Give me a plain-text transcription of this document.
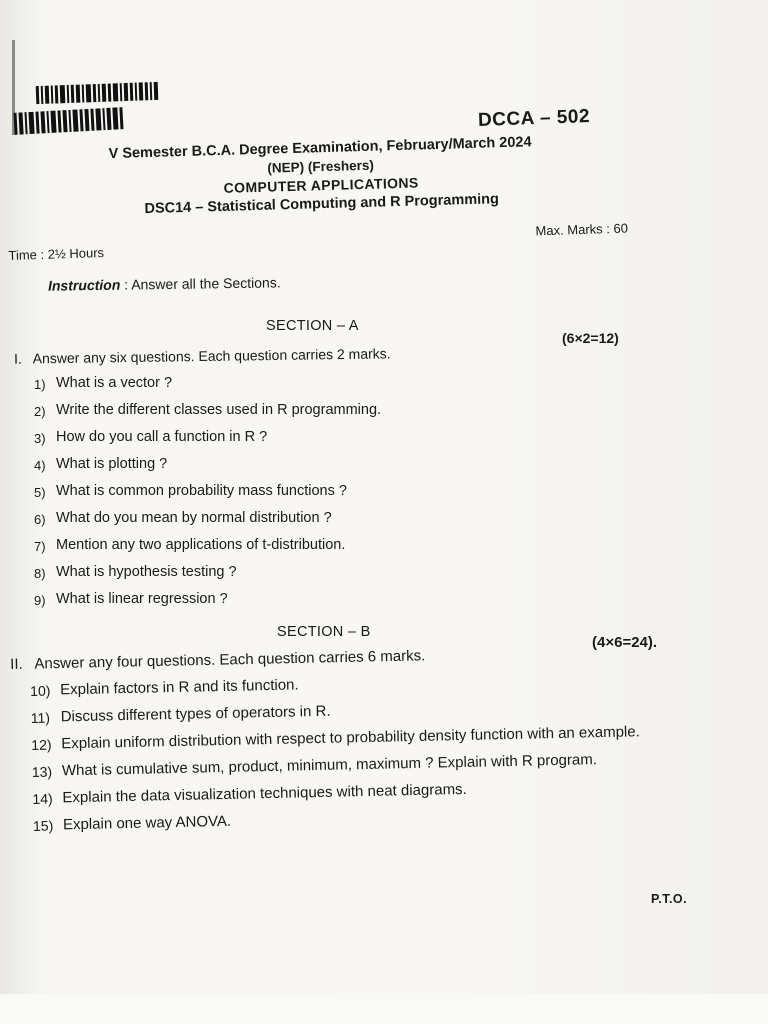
DCCA – 502
V Semester B.C.A. Degree Examination, February/March 2024
(NEP) (Freshers)
COMPUTER APPLICATIONS
DSC14 – Statistical Computing and R Programming
Time : 2½ Hours
Max. Marks : 60
Instruction : Answer all the Sections.
SECTION – A
(6×2=12)
I. Answer any six questions. Each question carries 2 marks.
1) What is a vector ?
2) Write the different classes used in R programming.
3) How do you call a function in R ?
4) What is plotting ?
5) What is common probability mass functions ?
6) What do you mean by normal distribution ?
7) Mention any two applications of t-distribution.
8) What is hypothesis testing ?
9) What is linear regression ?
SECTION – B
(4×6=24).
II. Answer any four questions. Each question carries 6 marks.
10) Explain factors in R and its function.
11) Discuss different types of operators in R.
12) Explain uniform distribution with respect to probability density function with an example.
13) What is cumulative sum, product, minimum, maximum ? Explain with R program.
14) Explain the data visualization techniques with neat diagrams.
15) Explain one way ANOVA.
P.T.O.
